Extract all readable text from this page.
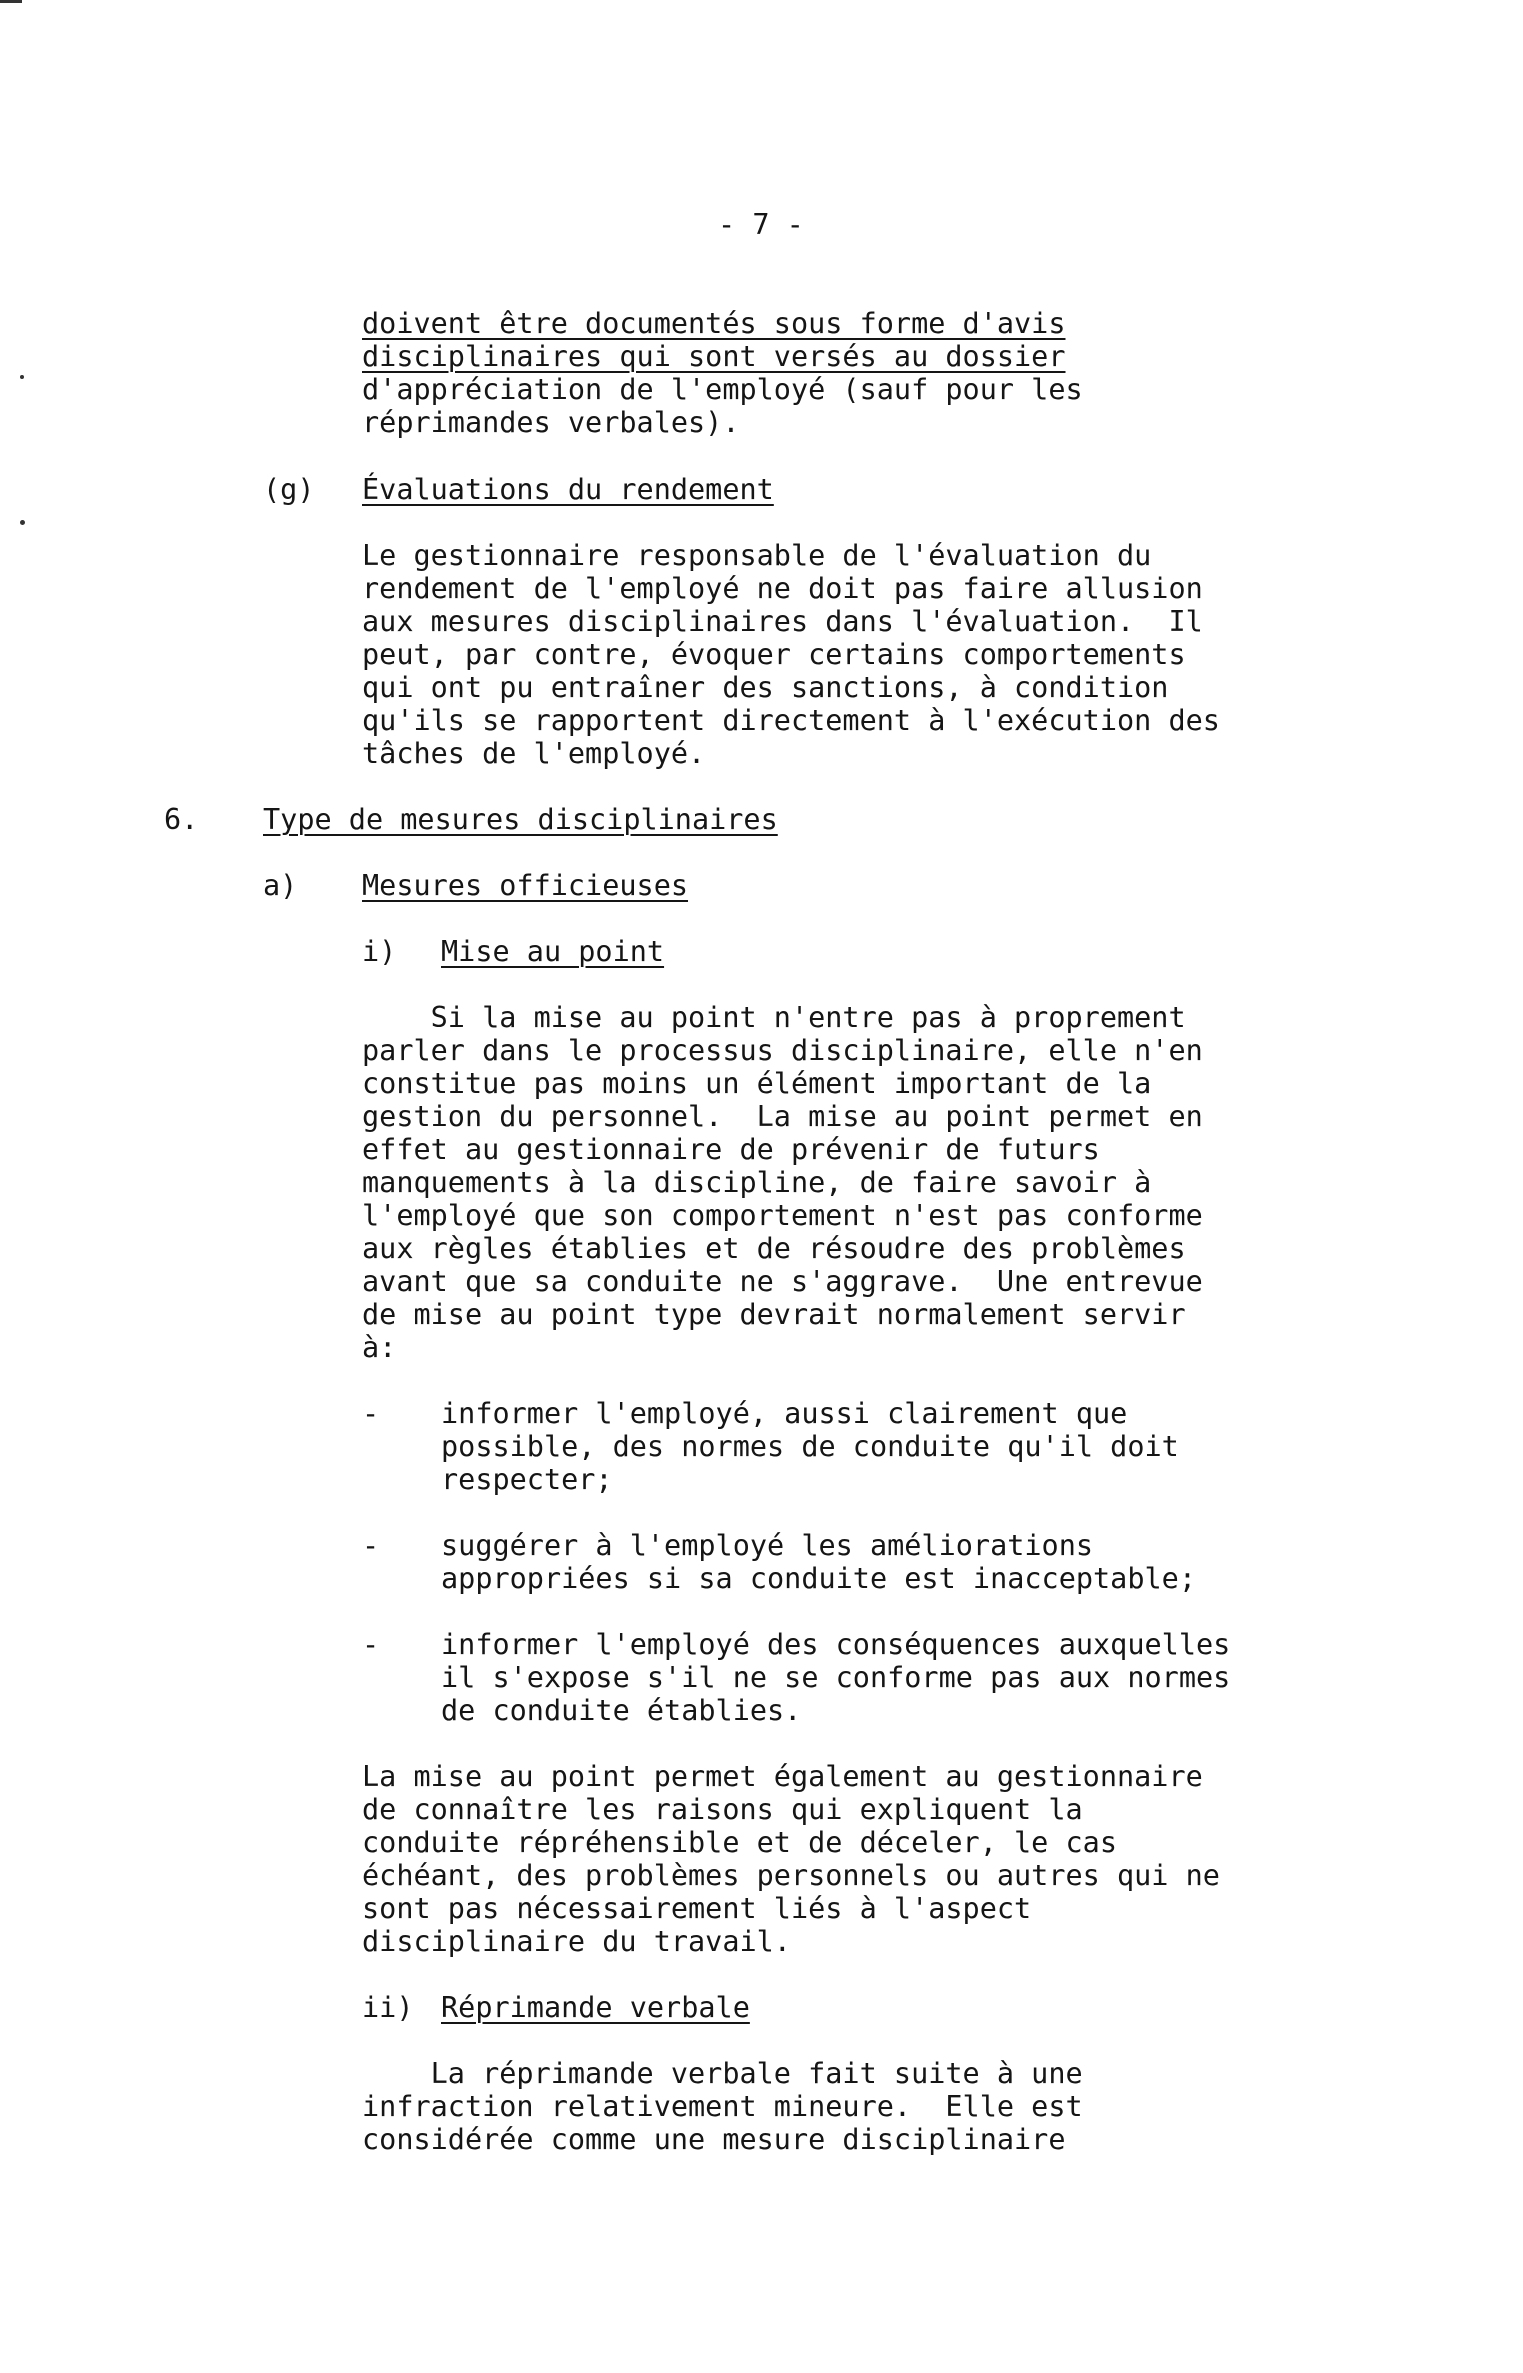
- 7 -
doivent être documentés sous forme d'avis
disciplinaires qui sont versés au dossier
d'appréciation de l'employé (sauf pour les
réprimandes verbales).
(g) Évaluations du rendement
Le gestionnaire responsable de l'évaluation du
rendement de l'employé ne doit pas faire allusion
aux mesures disciplinaires dans l'évaluation.  Il
peut, par contre, évoquer certains comportements
qui ont pu entraîner des sanctions, à condition
qu'ils se rapportent directement à l'exécution des
tâches de l'employé.
6. Type de mesures disciplinaires
a) Mesures officieuses
i) Mise au point
Si la mise au point n'entre pas à proprement
parler dans le processus disciplinaire, elle n'en
constitue pas moins un élément important de la
gestion du personnel.  La mise au point permet en
effet au gestionnaire de prévenir de futurs
manquements à la discipline, de faire savoir à
l'employé que son comportement n'est pas conforme
aux règles établies et de résoudre des problèmes
avant que sa conduite ne s'aggrave.  Une entrevue
de mise au point type devrait normalement servir
à:
- informer l'employé, aussi clairement que
possible, des normes de conduite qu'il doit
respecter;
- suggérer à l'employé les améliorations
appropriées si sa conduite est inacceptable;
- informer l'employé des conséquences auxquelles
il s'expose s'il ne se conforme pas aux normes
de conduite établies.
La mise au point permet également au gestionnaire
de connaître les raisons qui expliquent la
conduite répréhensible et de déceler, le cas
échéant, des problèmes personnels ou autres qui ne
sont pas nécessairement liés à l'aspect
disciplinaire du travail.
ii) Réprimande verbale
La réprimande verbale fait suite à une
infraction relativement mineure.  Elle est
considérée comme une mesure disciplinaire
